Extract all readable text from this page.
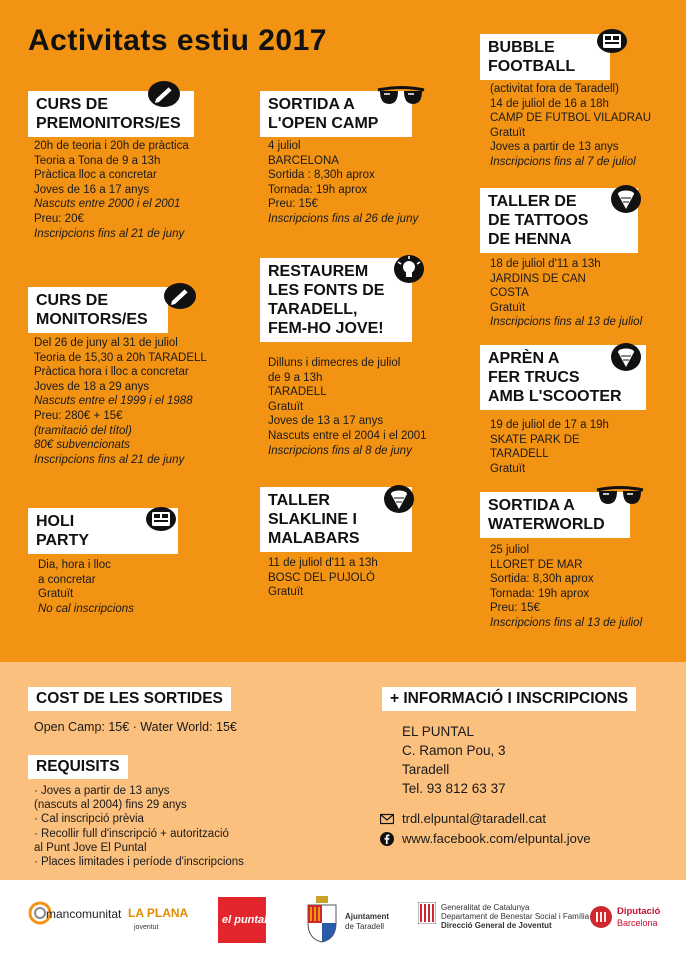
Activitats estiu 2017
CURS DE
PREMONITORS/ES
20h de teoria i 20h de pràctica
Teoria a Tona de 9 a 13h
Pràctica lloc a concretar
Joves de 16 a 17 anys
Nascuts entre 2000 i el 2001
Preu: 20€
Inscripcions fins al 21 de juny
CURS DE
MONITORS/ES
Del 26 de juny al 31 de juliol
Teoria de 15,30 a 20h TARADELL
Pràctica hora i lloc a concretar
Joves de 18 a 29 anys
Nascuts entre el 1999 i el 1988
Preu: 280€ + 15€
(tramitació del títol)
80€ subvencionats
Inscripcions fins al 21 de juny
HOLI
PARTY
Dia, hora i lloc
a concretar
Gratuït
No cal inscripcions
SORTIDA A
L'OPEN CAMP
4 juliol
BARCELONA
Sortida : 8,30h aprox
Tornada: 19h aprox
Preu: 15€
Inscripcions fins al 26 de juny
RESTAUREM
LES FONTS DE
TARADELL,
FEM-HO JOVE!
Dilluns i dimecres de juliol
de 9 a 13h
TARADELL
Gratuït
Joves de 13 a 17 anys
Nascuts entre el 2004 i el 2001
Inscripcions fins al 8 de juny
TALLER
SLAKLINE I
MALABARS
11 de juliol d'11 a 13h
BOSC DEL PUJOLÓ
Gratuït
BUBBLE
FOOTBALL
(activitat fora de Taradell)
14 de juliol de 16 a 18h
CAMP DE FUTBOL VILADRAU
Gratuït
Joves a partir de 13 anys
Inscripcions fins al 7 de juliol
TALLER DE
DE TATTOOS
DE HENNA
18 de juliol d'11 a 13h
JARDINS DE CAN
COSTA
Gratuït
Inscripcions fins al 13 de juliol
APRÈN A
FER TRUCS
AMB L'SCOOTER
19 de juliol de 17 a 19h
SKATE PARK DE
TARADELL
Gratuït
SORTIDA A
WATERWORLD
25 juliol
LLORET DE MAR
Sortida: 8,30h aprox
Tornada: 19h aprox
Preu: 15€
Inscripcions fins al 13 de juliol
COST DE LES SORTIDES
Open Camp: 15€ · Water World: 15€
REQUISITS
· Joves a partir de 13 anys
(nascuts al 2004) fins 29 anys
· Cal inscripció prèvia
· Recollir full d'inscripció + autorització
al Punt Jove El Puntal
· Places limitades i període d'inscripcions
+ INFORMACIÓ I INSCRIPCIONS
EL PUNTAL
C. Ramon Pou, 3
Taradell
Tel. 93 812 63 37
trdl.elpuntal@taradell.cat
www.facebook.com/elpuntal.jove
mancomunitat LA PLANA
joventut
el puntal	Ajuntament
de Taradell
Generalitat de Catalunya
Departament de Benestar Social i Família
Direcció General de Joventut
Diputació
Barcelona
